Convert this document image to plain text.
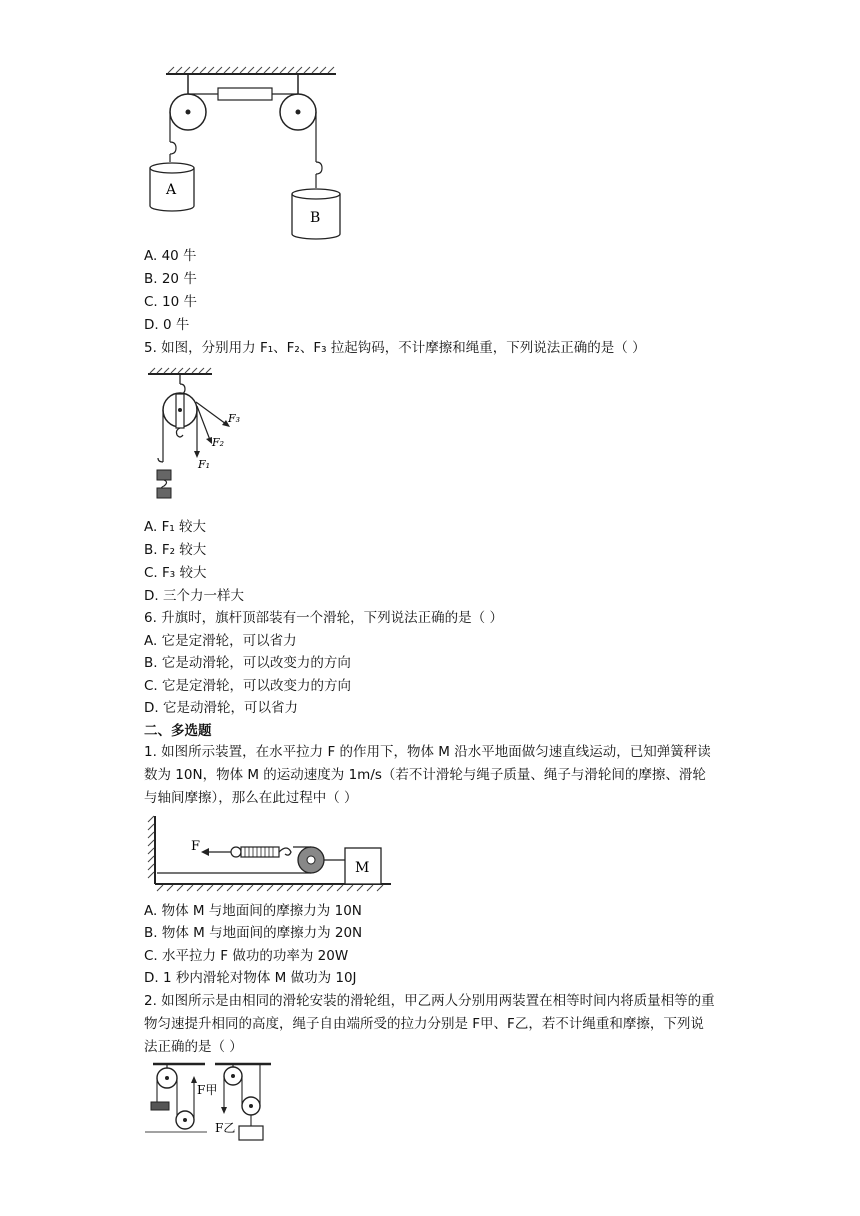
A
B
A. 40 牛
B. 20 牛
C. 10 牛
D. 0 牛
5. 如图，分别用力 F₁、F₂、F₃ 拉起钩码，不计摩擦和绳重，下列说法正确的是（ ）
F₁
F₂
F₃
A. F₁ 较大
B. F₂ 较大
C. F₃ 较大
D. 三个力一样大
6. 升旗时，旗杆顶部装有一个滑轮，下列说法正确的是（ ）
A. 它是定滑轮，可以省力
B. 它是动滑轮，可以改变力的方向
C. 它是定滑轮，可以改变力的方向
D. 它是动滑轮，可以省力
二、多选题
1. 如图所示装置，在水平拉力 F 的作用下，物体 M 沿水平地面做匀速直线运动，已知弹簧秤读数为 10N，物体 M 的运动速度为 1m/s（若不计滑轮与绳子质量、绳子与滑轮间的摩擦、滑轮与轴间摩擦），那么在此过程中（ ）
F
M
A. 物体 M 与地面间的摩擦力为 10N
B. 物体 M 与地面间的摩擦力为 20N
C. 水平拉力 F 做功的功率为 20W
D. 1 秒内滑轮对物体 M 做功为 10J
2. 如图所示是由相同的滑轮安装的滑轮组，甲乙两人分别用两装置在相等时间内将质量相等的重物匀速提升相同的高度，绳子自由端所受的拉力分别是 F甲、F乙，若不计绳重和摩擦，下列说法正确的是（ ）
F甲
F乙
